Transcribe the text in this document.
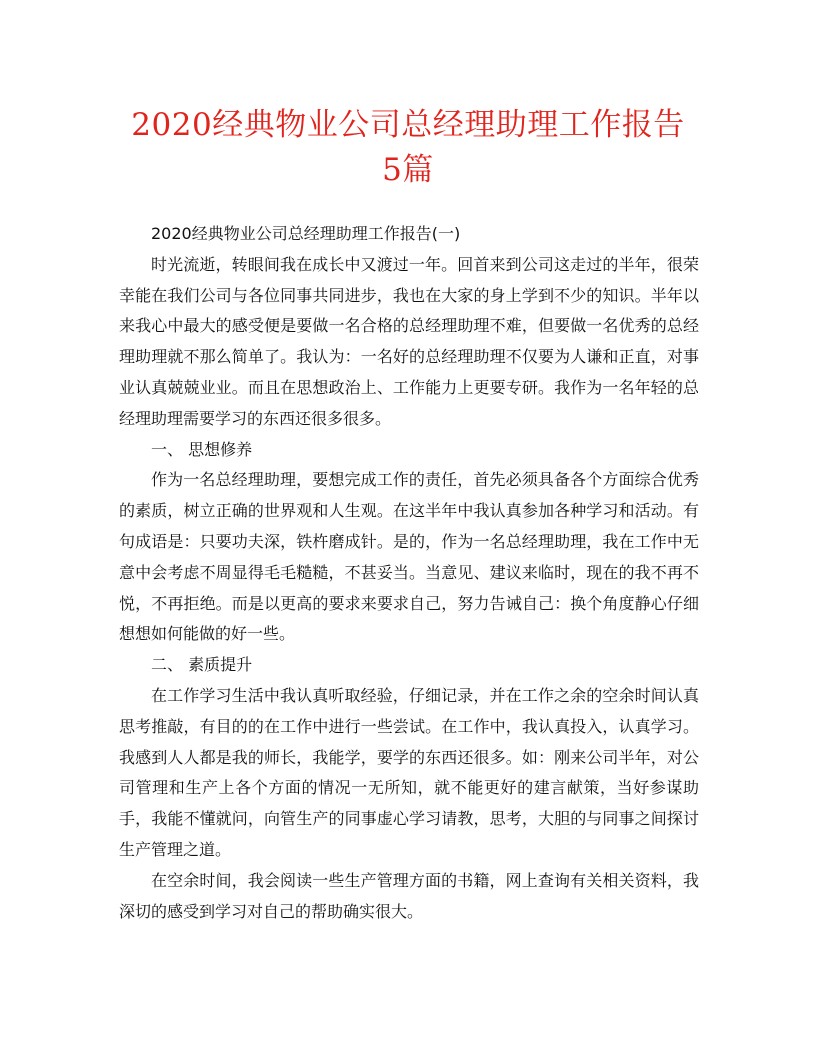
2020经典物业公司总经理助理工作报告
5篇

2020经典物业公司总经理助理工作报告(一)

时光流逝，转眼间我在成长中又渡过一年。回首来到公司这走过的半年，很荣幸能在我们公司与各位同事共同进步，我也在大家的身上学到不少的知识。半年以来我心中最大的感受便是要做一名合格的总经理助理不难，但要做一名优秀的总经理助理就不那么简单了。我认为：一名好的总经理助理不仅要为人谦和正直，对事业认真兢兢业业。而且在思想政治上、工作能力上更要专研。我作为一名年轻的总经理助理需要学习的东西还很多很多。

一、 思想修养

作为一名总经理助理，要想完成工作的责任，首先必须具备各个方面综合优秀的素质，树立正确的世界观和人生观。在这半年中我认真参加各种学习和活动。有句成语是：只要功夫深，铁杵磨成针。是的，作为一名总经理助理，我在工作中无意中会考虑不周显得毛毛糙糙，不甚妥当。当意见、建议来临时，现在的我不再不悦，不再拒绝。而是以更高的要求来要求自己，努力告诫自己：换个角度静心仔细想想如何能做的好一些。

二、 素质提升

在工作学习生活中我认真听取经验，仔细记录，并在工作之余的空余时间认真思考推敲，有目的的在工作中进行一些尝试。在工作中，我认真投入，认真学习。我感到人人都是我的师长，我能学，要学的东西还很多。如：刚来公司半年，对公司管理和生产上各个方面的情况一无所知，就不能更好的建言献策，当好参谋助手，我能不懂就问，向管生产的同事虚心学习请教，思考，大胆的与同事之间探讨生产管理之道。

在空余时间，我会阅读一些生产管理方面的书籍，网上查询有关相关资料，我深切的感受到学习对自己的帮助确实很大。
